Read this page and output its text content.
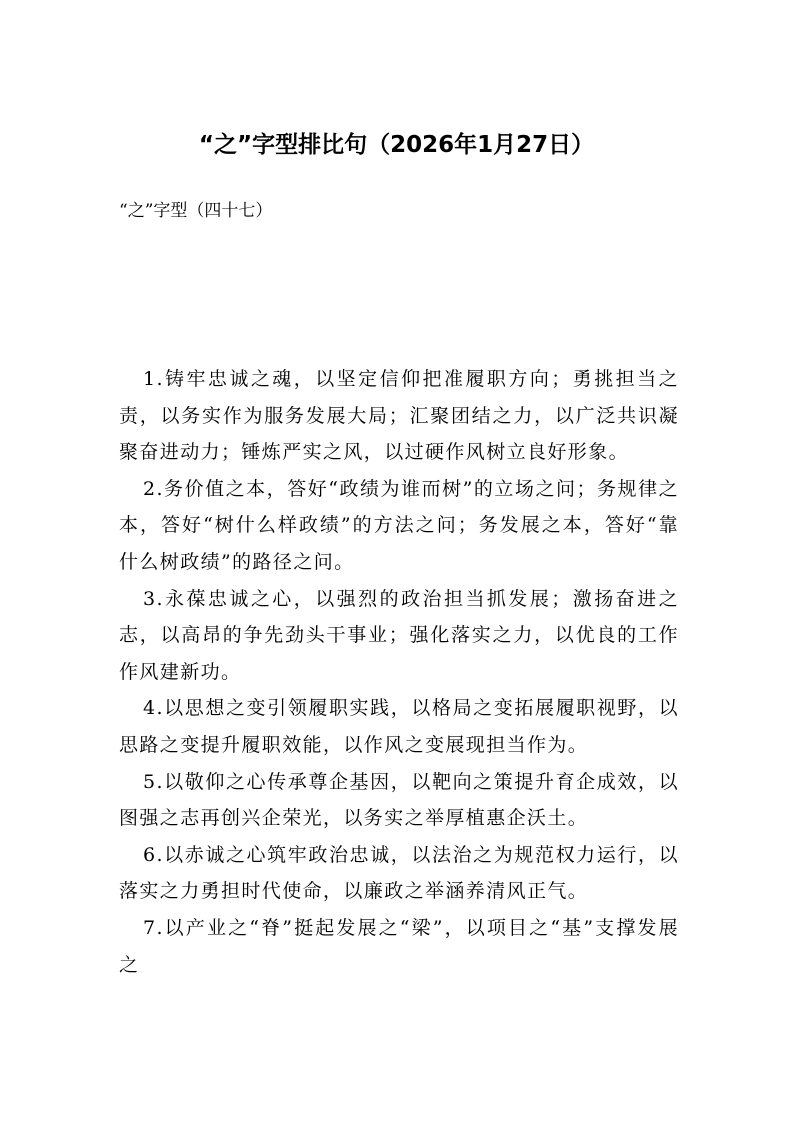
“之”字型排比句（2026年1月27日）
“之”字型（四十七）

1.铸牢忠诚之魂，以坚定信仰把准履职方向；勇挑担当之责，以务实作为服务发展大局；汇聚团结之力，以广泛共识凝聚奋进动力；锤炼严实之风，以过硬作风树立良好形象。

2.务价值之本，答好“政绩为谁而树”的立场之问；务规律之本，答好“树什么样政绩”的方法之问；务发展之本，答好“靠什么树政绩”的路径之问。

3.永葆忠诚之心，以强烈的政治担当抓发展；激扬奋进之志，以高昂的争先劲头干事业；强化落实之力，以优良的工作作风建新功。

4.以思想之变引领履职实践，以格局之变拓展履职视野，以思路之变提升履职效能，以作风之变展现担当作为。

5.以敬仰之心传承尊企基因，以靶向之策提升育企成效，以图强之志再创兴企荣光，以务实之举厚植惠企沃土。

6.以赤诚之心筑牢政治忠诚，以法治之为规范权力运行，以落实之力勇担时代使命，以廉政之举涵养清风正气。

7.以产业之“脊”挺起发展之“梁”，以项目之“基”支撑发展之
